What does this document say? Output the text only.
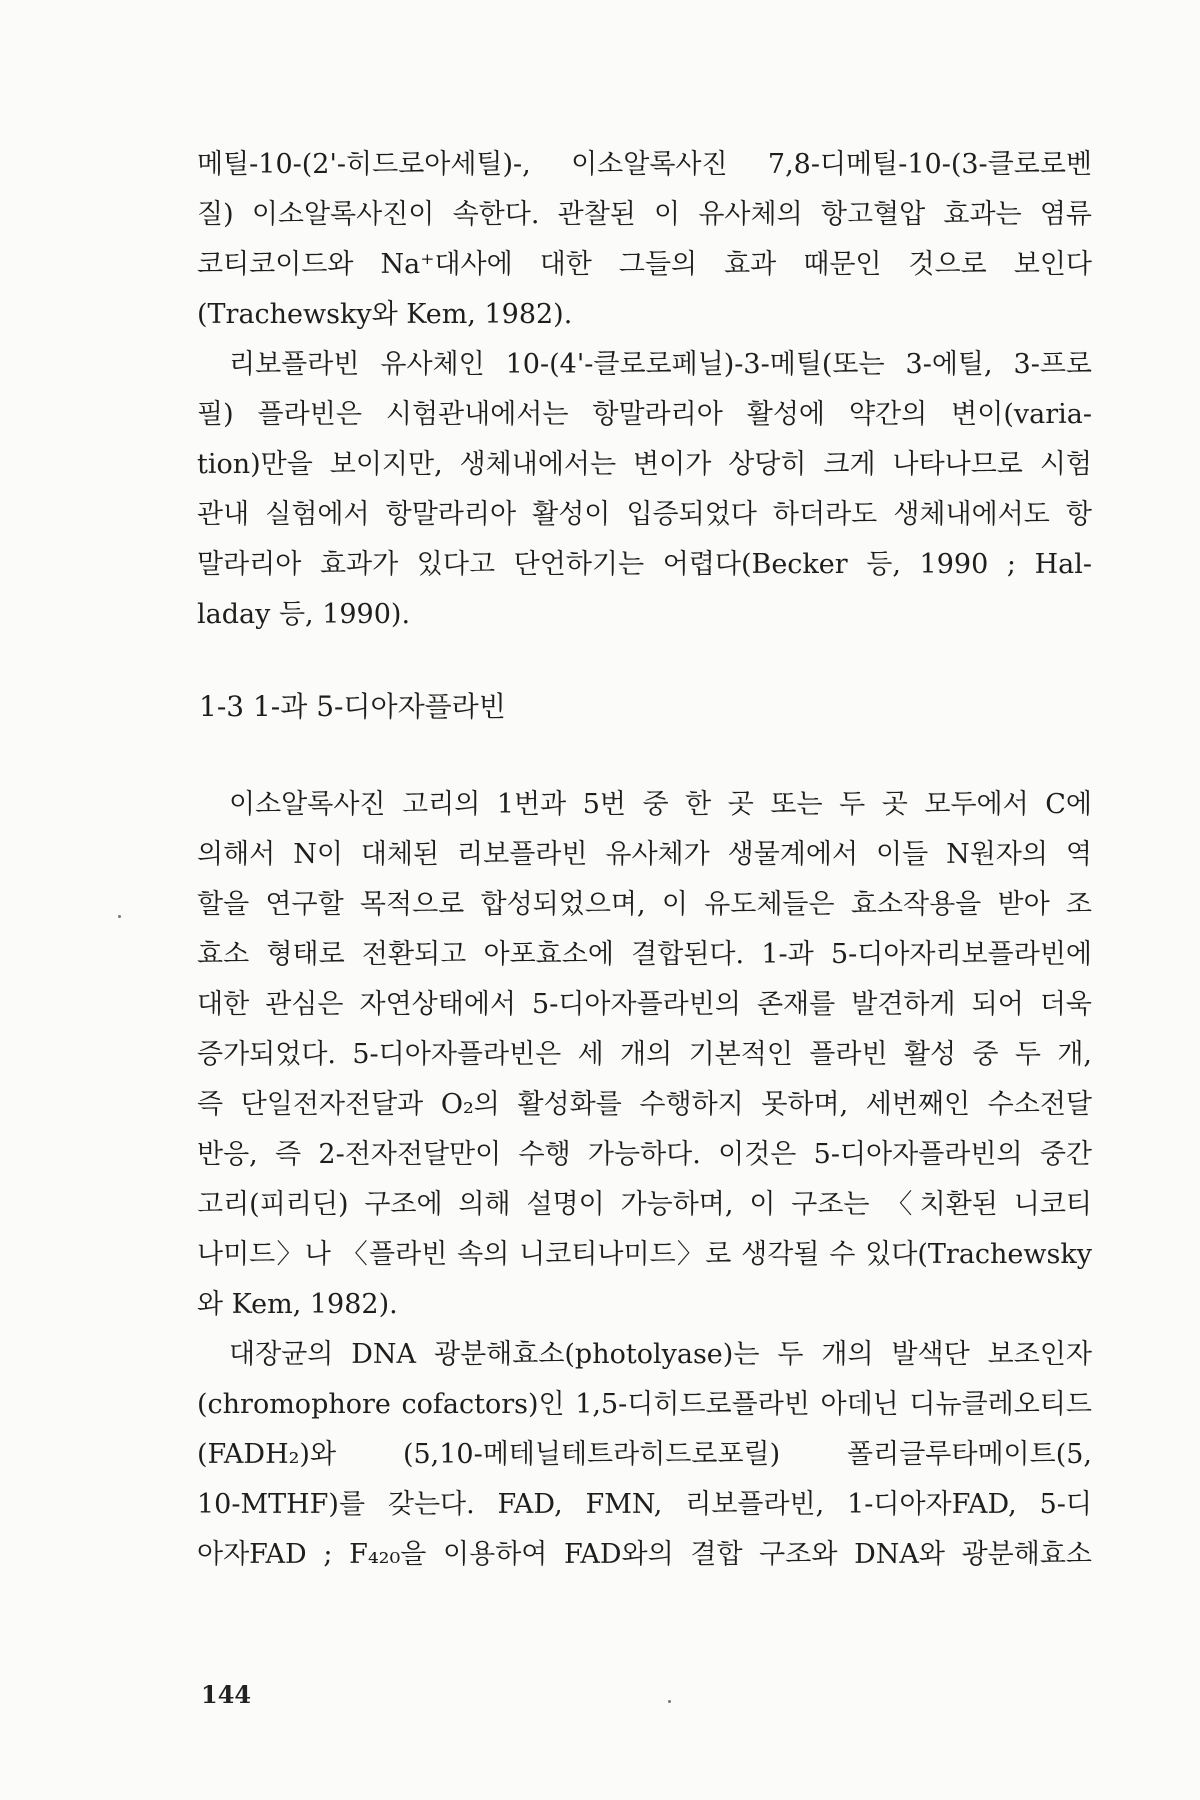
메틸-10-(2'-히드로아세틸)-, 이소알록사진 7,8-디메틸-10-(3-클로로벤
질) 이소알록사진이 속한다. 관찰된 이 유사체의 항고혈압 효과는 염류
코티코이드와 Na⁺대사에 대한 그들의 효과 때문인 것으로 보인다
(Trachewsky와 Kem, 1982).
리보플라빈 유사체인 10-(4'-클로로페닐)-3-메틸(또는 3-에틸, 3-프로
필) 플라빈은 시험관내에서는 항말라리아 활성에 약간의 변이(varia-
tion)만을 보이지만, 생체내에서는 변이가 상당히 크게 나타나므로 시험
관내 실험에서 항말라리아 활성이 입증되었다 하더라도 생체내에서도 항
말라리아 효과가 있다고 단언하기는 어렵다(Becker 등, 1990 ; Hal-
laday 등, 1990).
1-3 1-과 5-디아자플라빈
이소알록사진 고리의 1번과 5번 중 한 곳 또는 두 곳 모두에서 C에
의해서 N이 대체된 리보플라빈 유사체가 생물계에서 이들 N원자의 역
할을 연구할 목적으로 합성되었으며, 이 유도체들은 효소작용을 받아 조
효소 형태로 전환되고 아포효소에 결합된다. 1-과 5-디아자리보플라빈에
대한 관심은 자연상태에서 5-디아자플라빈의 존재를 발견하게 되어 더욱
증가되었다. 5-디아자플라빈은 세 개의 기본적인 플라빈 활성 중 두 개,
즉 단일전자전달과 O₂의 활성화를 수행하지 못하며, 세번째인 수소전달
반응, 즉 2-전자전달만이 수행 가능하다. 이것은 5-디아자플라빈의 중간
고리(피리딘) 구조에 의해 설명이 가능하며, 이 구조는 〈치환된 니코티
나미드〉나 〈플라빈 속의 니코티나미드〉로 생각될 수 있다(Trachewsky
와 Kem, 1982).
대장균의 DNA 광분해효소(photolyase)는 두 개의 발색단 보조인자
(chromophore cofactors)인 1,5-디히드로플라빈 아데닌 디뉴클레오티드
(FADH₂)와 (5,10-메테닐테트라히드로포릴) 폴리글루타메이트(5,
10-MTHF)를 갖는다. FAD, FMN, 리보플라빈, 1-디아자FAD, 5-디
아자FAD ; F₄₂₀을 이용하여 FAD와의 결합 구조와 DNA와 광분해효소
144
